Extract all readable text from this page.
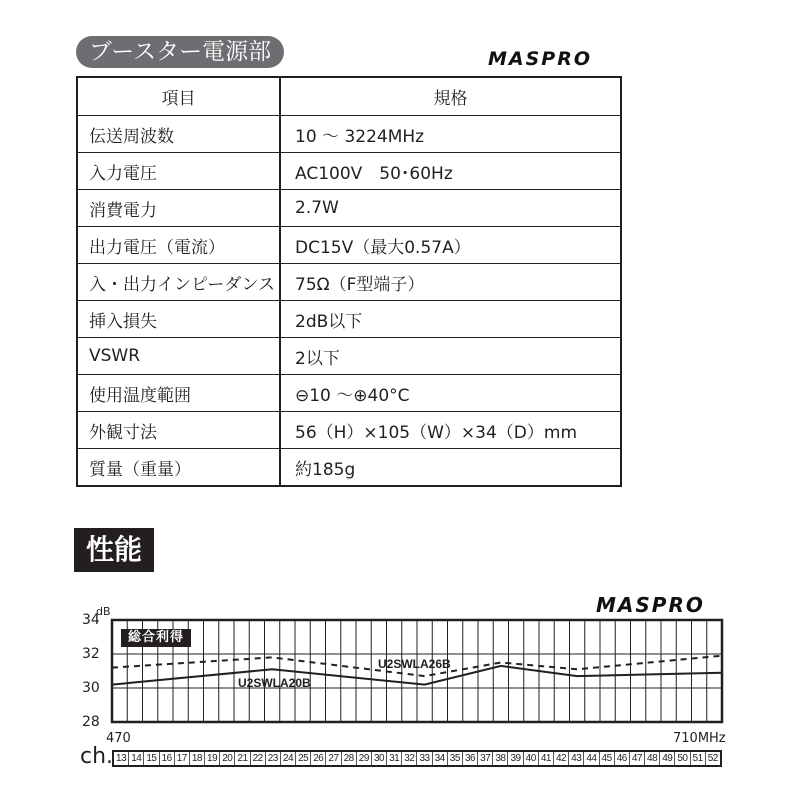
ブースター電源部	MASPRO
項目	規格
伝送周波数	10 ～ 3224MHz
入力電圧	AC100V　50･60Hz
消費電力	2.7W
出力電圧（電流）	DC15V（最大0.57A）
入・出力インピーダンス	75Ω（F型端子）
挿入損失	2dB以下
VSWR	2以下
使用温度範囲	⊖10 ～⊕40°C
外観寸法	56（H）×105（W）×34（D）mm
質量（重量）	約185g
性能
MASPRO
dB
34
32
30
28
470	710MHz
総合利得
U2SWLA20B
U2SWLA26B
ch. 13 14 15 16 17 18 19 20 21 22 23 24 25 26 27 28 29 30 31 32 33 34 35 36 37 38 39 40 41 42 43 44 45 46 47 48 49 50 51 52
